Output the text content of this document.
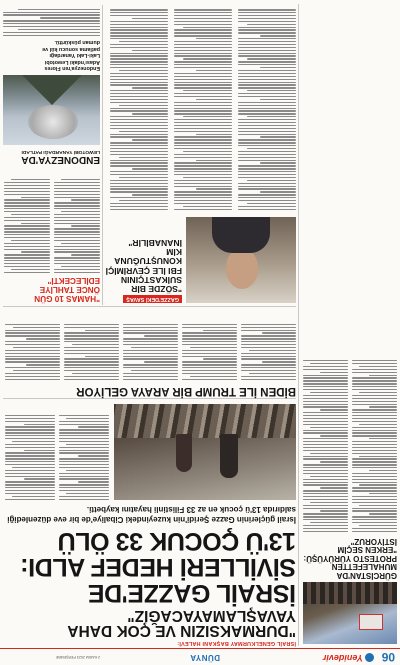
06
Yenidevir
DÜNYA
2 KASIM 2023 PERŞEMBE
GÜRCİSTAN'DA
MUHALEFETTEN
PROTESTO YÜRÜYÜŞÜ:
"ERKEN SEÇİM
İSTİYORUZ"
İSRAİL GENELKURMAY BAŞKANI HALEVİ:
"DURMAKSIZIN VE ÇOK DAHA
YAVAŞLAMAYACAĞIZ"
İSRAİL GAZZE'DE
SİVİLLERİ HEDEF ALDI:
13'Ü ÇOCUK 33 ÖLÜ
İsrail güçlerinin Gazze Şeridi'nin kuzeyindeki Cibaliye'de bir eve düzenlediği saldırıda 13'ü çocuk en az 33 Filistinli hayatını kaybetti.
BİDEN İLE TRUMP BİR ARAYA GELİYOR
GAZZE'DEKİ SAVAŞ
"SÖZDE BİR
SUİKASTÇININ
FBI İLE ÇEVRİMİÇİ
KONUŞTUĞUNA KİM
İNANABİLİR"
"HAMAS 10 GÜN
ÖNCE TAHLİYE
EDİLECEKTİ"
ENDONEZYA'DA
LEWOTOBİ YANARDAĞI PATLADI
Endonezya'nın Flores
Adası'ndaki Lewotobi
Laki-Laki Yanardağı
patlama sonucu kül ve
duman püskürttü.
